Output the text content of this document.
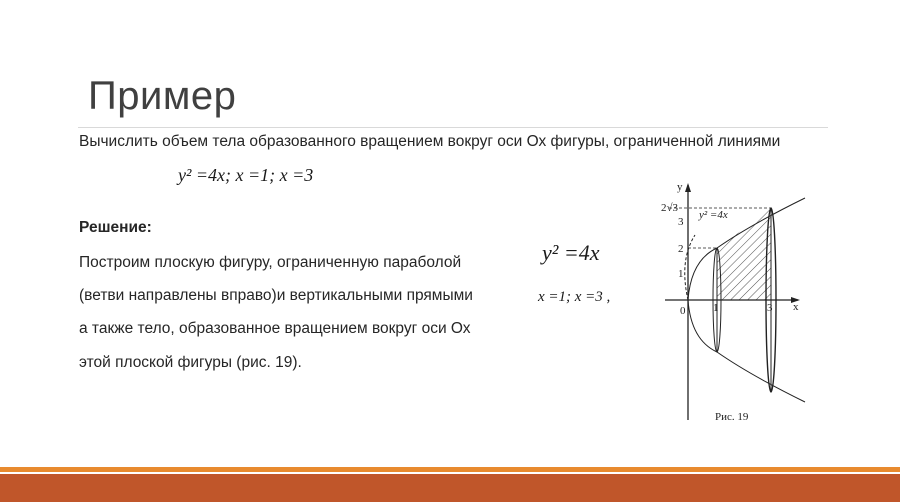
Пример
Вычислить объем тела образованного вращением вокруг оси Ох фигуры, ограниченной линиями
y² =4x; x =1; x =3
Решение:
Построим плоскую фигуру, ограниченную параболой
(ветви направлены вправо)и вертикальными прямыми
а также тело, образованное вращением вокруг оси Ох
этой плоской фигуры (рис. 19).
y² =4x
x =1; x =3 ,
y
x
0	1	3
1
2
3
2√3
y² =4x
Рис. 19
